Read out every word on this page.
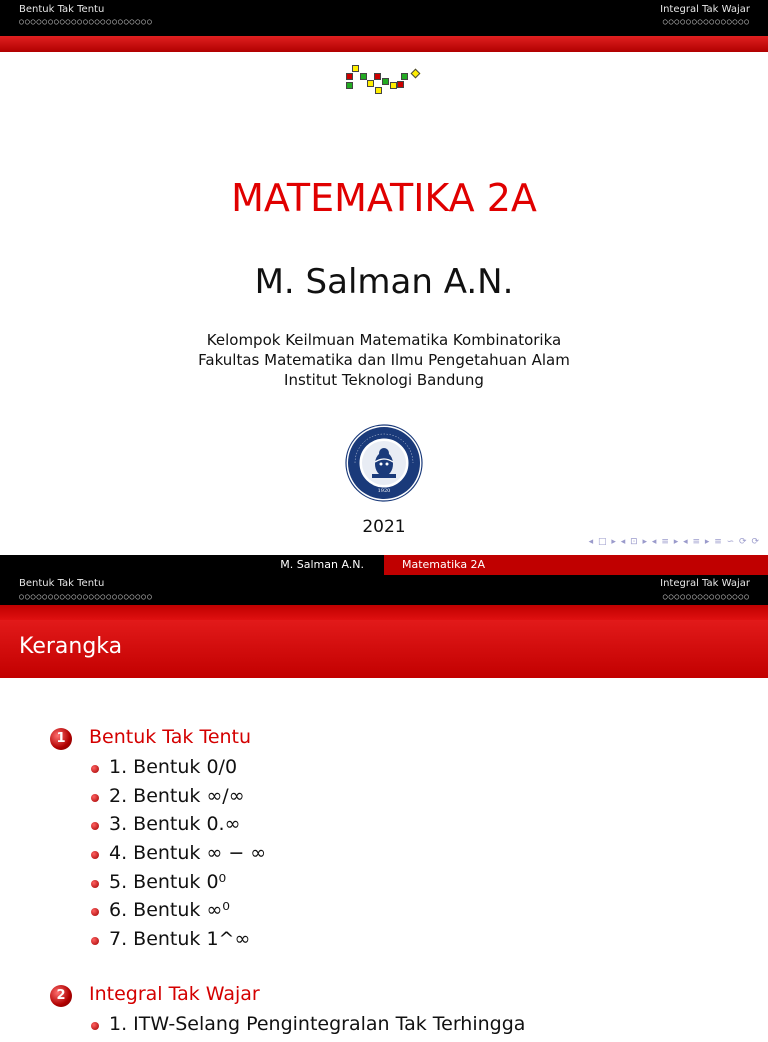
Bentuk Tak Tentu
○○○○○○○○○○○○○○○○○○○○○○○
Integral Tak Wajar
○○○○○○○○○○○○○○○
MATEMATIKA 2A
M. Salman A.N.
Kelompok Keilmuan Matematika Kombinatorika
Fakultas Matematika dan Ilmu Pengetahuan Alam
Institut Teknologi Bandung
1920
2021
◂ □ ▸ ◂ ⊡ ▸ ◂ ≡ ▸ ◂ ≡ ▸ ≡ ∽ ⟳ ⟳
M. Salman A.N.	Matematika 2A
Bentuk Tak Tentu
○○○○○○○○○○○○○○○○○○○○○○○
Integral Tak Wajar
○○○○○○○○○○○○○○○
Kerangka
1	Bentuk Tak Tentu
1. Bentuk 0/0
2. Bentuk ∞/∞
3. Bentuk 0.∞
4. Bentuk ∞ − ∞
5. Bentuk 0⁰
6. Bentuk ∞⁰
7. Bentuk 1^∞
2	Integral Tak Wajar
1. ITW-Selang Pengintegralan Tak Terhingga
